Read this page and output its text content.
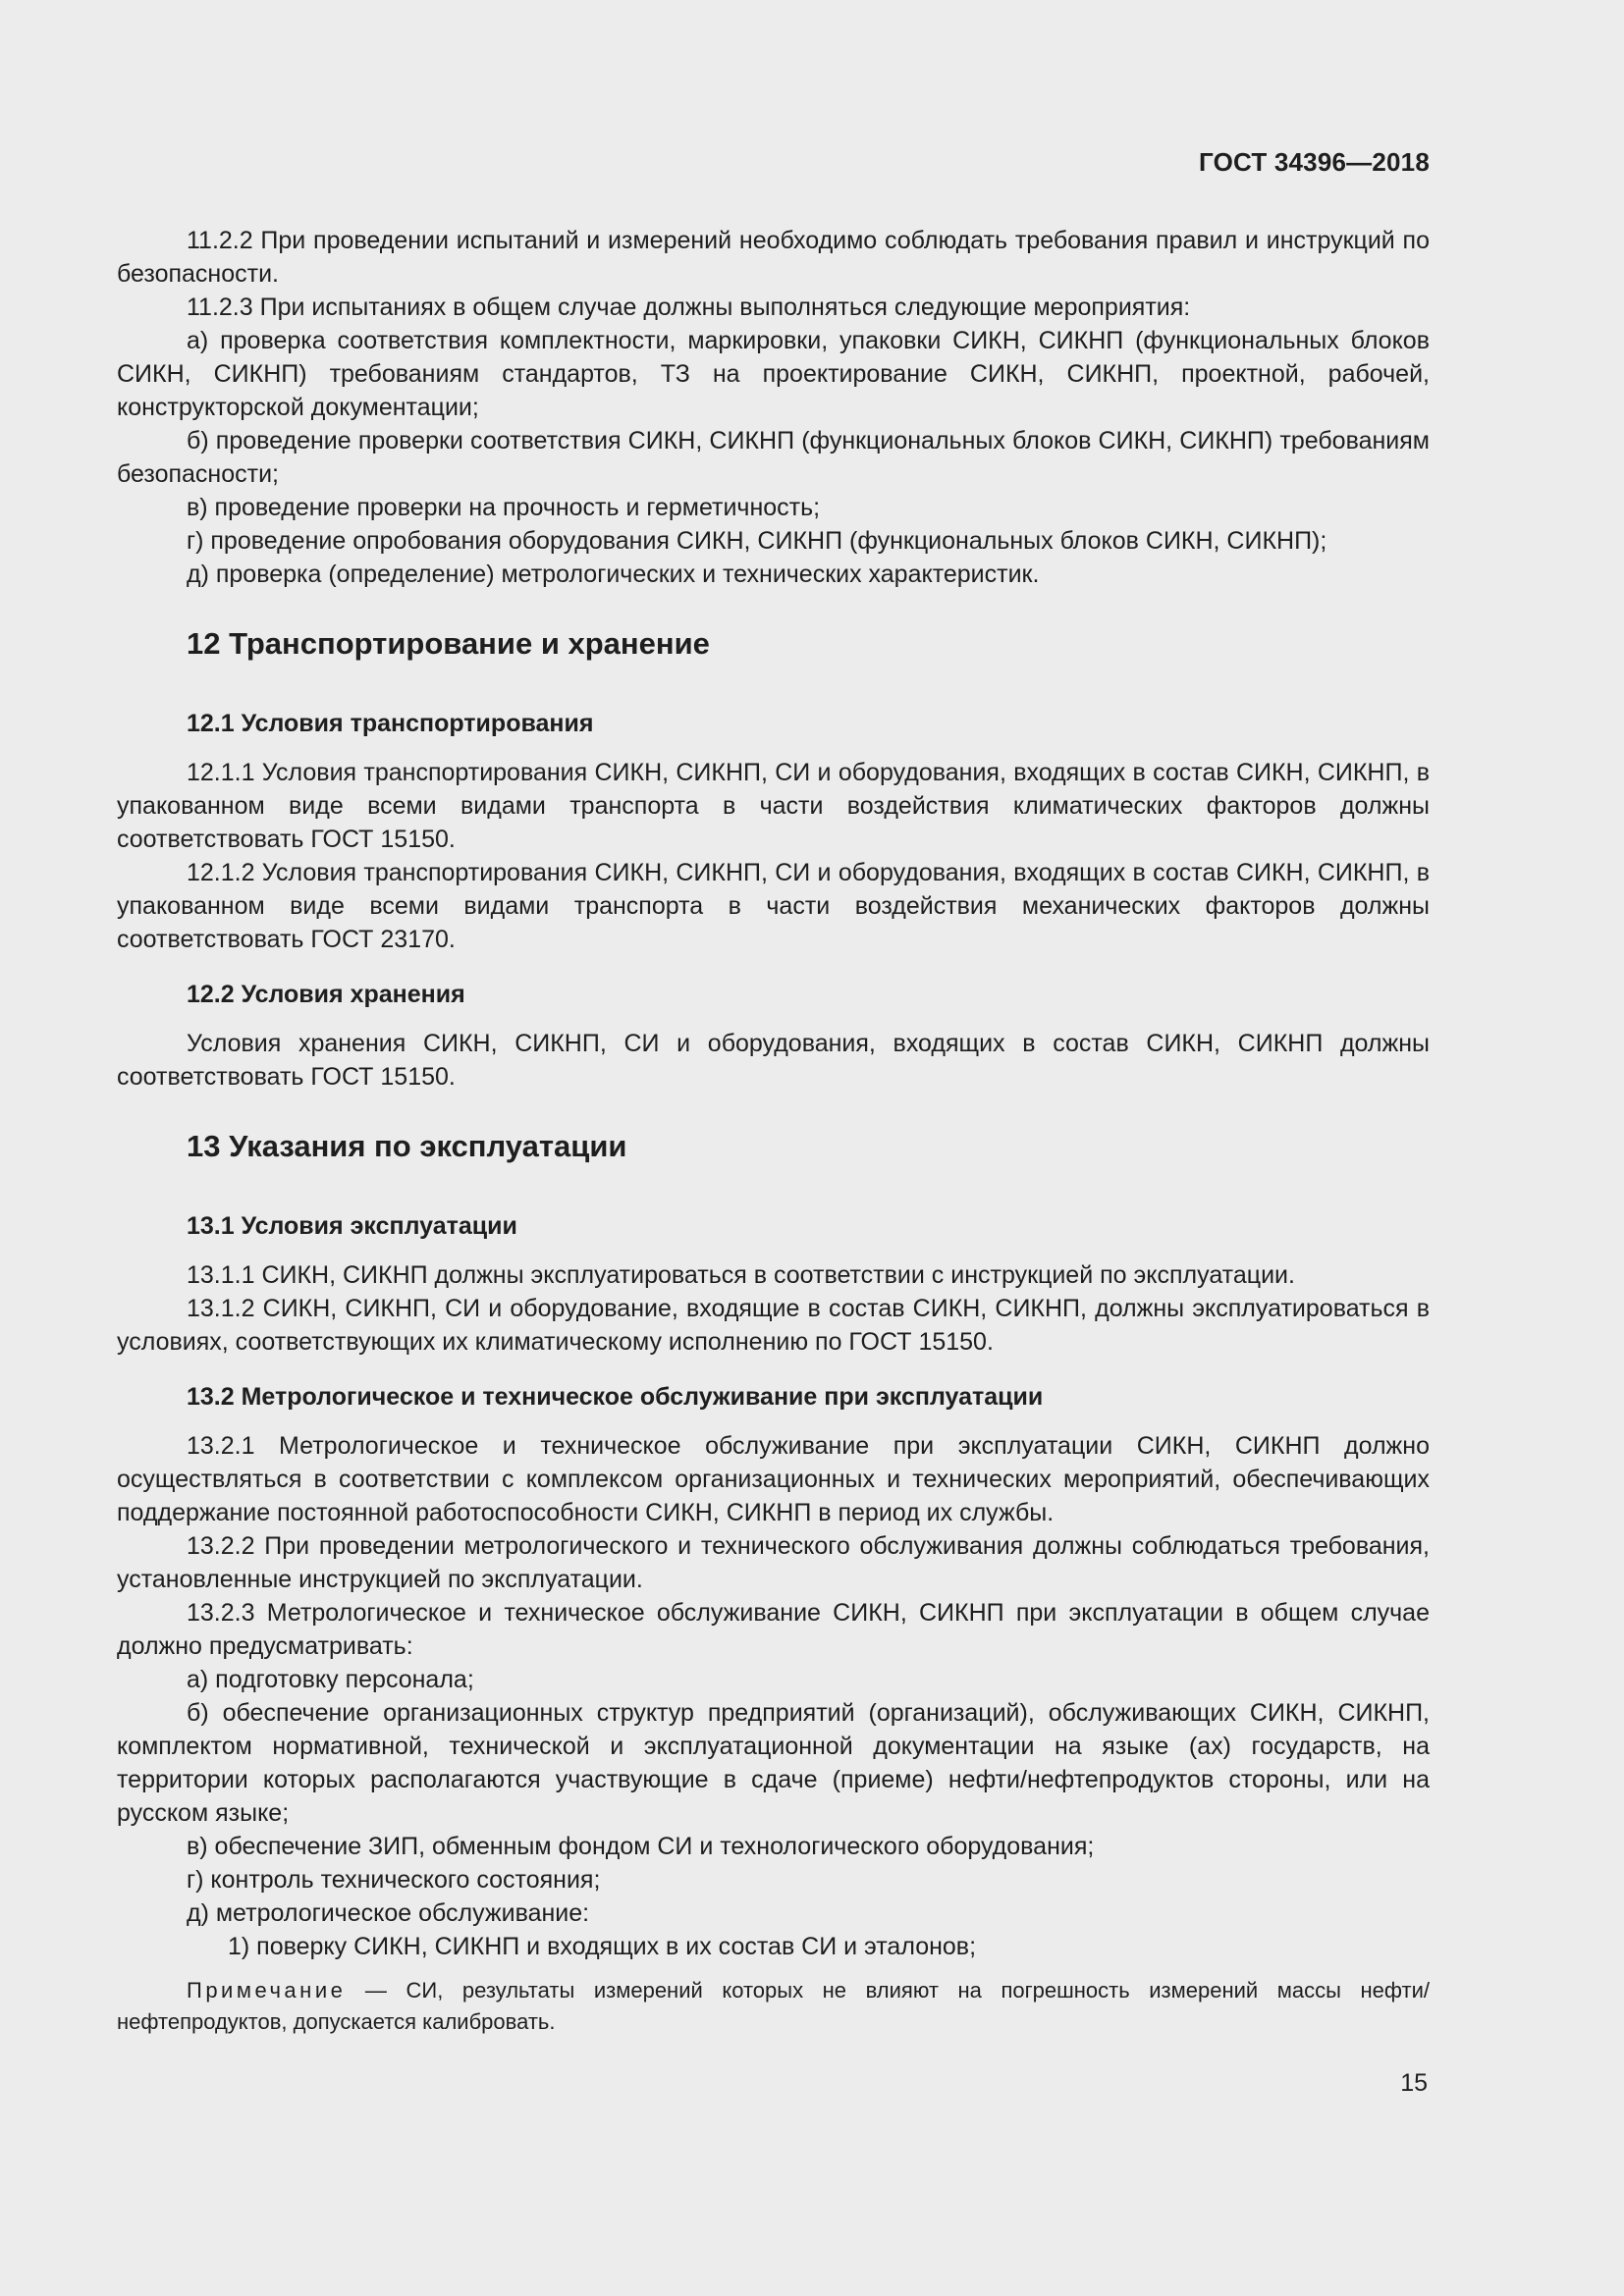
ГОСТ 34396—2018

11.2.2 При проведении испытаний и измерений необходимо соблюдать требования правил и инструкций по безопасности.

11.2.3 При испытаниях в общем случае должны выполняться следующие мероприятия:

а) проверка соответствия комплектности, маркировки, упаковки СИКН, СИКНП (функциональных блоков СИКН, СИКНП) требованиям стандартов, ТЗ на проектирование СИКН, СИКНП, проектной, рабочей, конструкторской документации;

б) проведение проверки соответствия СИКН, СИКНП (функциональных блоков СИКН, СИКНП) требованиям безопасности;

в) проведение проверки на прочность и герметичность;

г) проведение опробования оборудования СИКН, СИКНП (функциональных блоков СИКН, СИКНП);

д) проверка (определение) метрологических и технических характеристик.

12 Транспортирование и хранение
12.1 Условия транспортирования

12.1.1 Условия транспортирования СИКН, СИКНП, СИ и оборудования, входящих в состав СИКН, СИКНП, в упакованном виде всеми видами транспорта в части воздействия климатических факторов должны соответствовать ГОСТ 15150.

12.1.2 Условия транспортирования СИКН, СИКНП, СИ и оборудования, входящих в состав СИКН, СИКНП, в упакованном виде всеми видами транспорта в части воздействия механических факторов должны соответствовать ГОСТ 23170.

12.2 Условия хранения

Условия хранения СИКН, СИКНП, СИ и оборудования, входящих в состав СИКН, СИКНП должны соответствовать ГОСТ 15150.

13 Указания по эксплуатации
13.1 Условия эксплуатации

13.1.1 СИКН, СИКНП должны эксплуатироваться в соответствии с инструкцией по эксплуатации.

13.1.2 СИКН, СИКНП, СИ и оборудование, входящие в состав СИКН, СИКНП, должны эксплуатироваться в условиях, соответствующих их климатическому исполнению по ГОСТ 15150.

13.2 Метрологическое и техническое обслуживание при эксплуатации

13.2.1 Метрологическое и техническое обслуживание при эксплуатации СИКН, СИКНП должно осуществляться в соответствии с комплексом организационных и технических мероприятий, обеспечивающих поддержание постоянной работоспособности СИКН, СИКНП в период их службы.

13.2.2 При проведении метрологического и технического обслуживания должны соблюдаться требования, установленные инструкцией по эксплуатации.

13.2.3 Метрологическое и техническое обслуживание СИКН, СИКНП при эксплуатации в общем случае должно предусматривать:

а) подготовку персонала;

б) обеспечение организационных структур предприятий (организаций), обслуживающих СИКН, СИКНП, комплектом нормативной, технической и эксплуатационной документации на языке (ах) государств, на территории которых располагаются участвующие в сдаче (приеме) нефти/нефтепродуктов стороны, или на русском языке;

в) обеспечение ЗИП, обменным фондом СИ и технологического оборудования;

г) контроль технического состояния;

д) метрологическое обслуживание:

1) поверку СИКН, СИКНП и входящих в их состав СИ и эталонов;

Примечание — СИ, результаты измерений которых не влияют на погрешность измерений массы нефти/нефтепродуктов, допускается калибровать.

15
